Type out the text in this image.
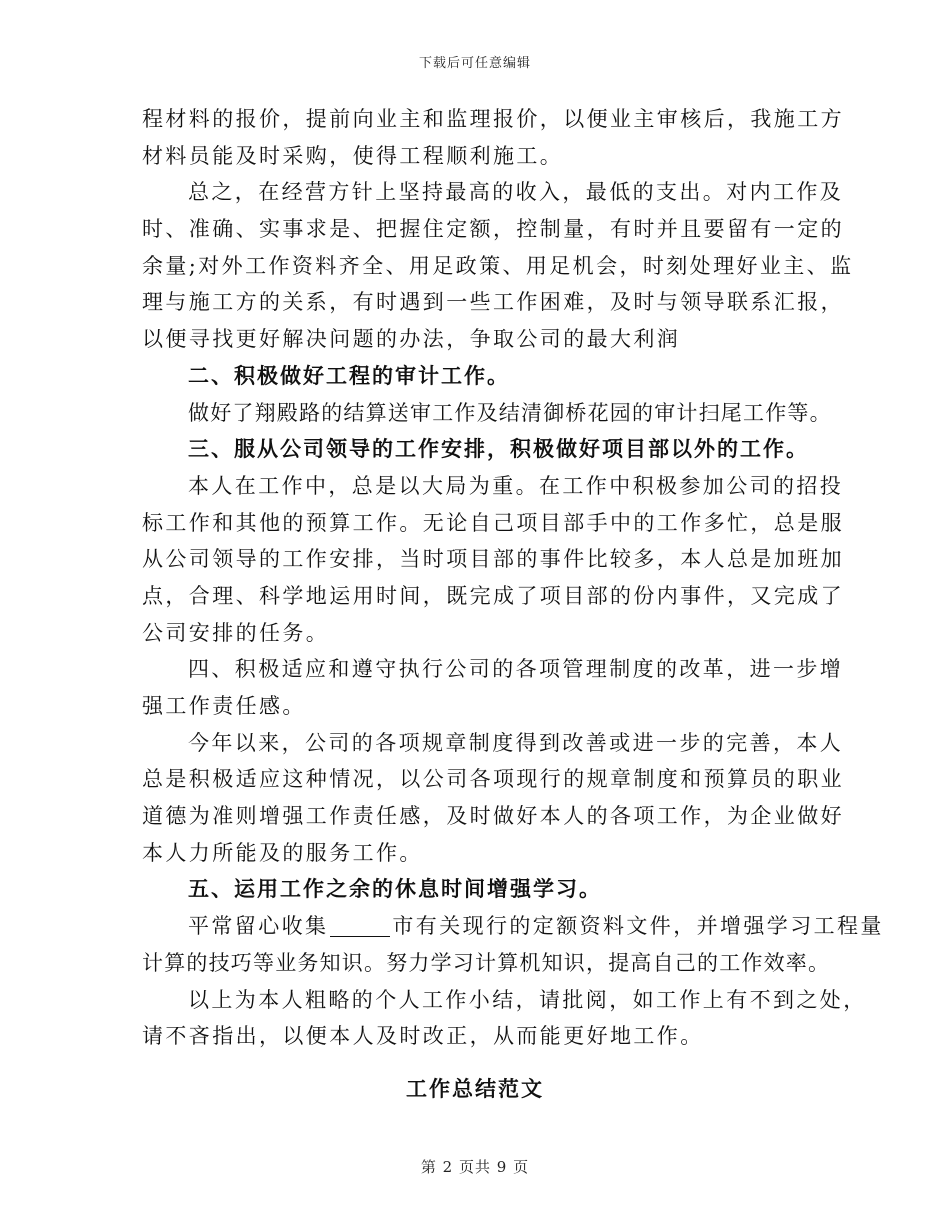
下载后可任意编辑
程材料的报价，提前向业主和监理报价，以便业主审核后，我施工方
材料员能及时采购，使得工程顺利施工。
总之，在经营方针上坚持最高的收入，最低的支出。对内工作及
时、准确、实事求是、把握住定额，控制量，有时并且要留有一定的
余量;对外工作资料齐全、用足政策、用足机会，时刻处理好业主、监
理与施工方的关系，有时遇到一些工作困难，及时与领导联系汇报，
以便寻找更好解决问题的办法，争取公司的最大利润
二、积极做好工程的审计工作。
做好了翔殿路的结算送审工作及结清御桥花园的审计扫尾工作等。
三、服从公司领导的工作安排，积极做好项目部以外的工作。
本人在工作中，总是以大局为重。在工作中积极参加公司的招投
标工作和其他的预算工作。无论自己项目部手中的工作多忙，总是服
从公司领导的工作安排，当时项目部的事件比较多，本人总是加班加
点，合理、科学地运用时间，既完成了项目部的份内事件，又完成了
公司安排的任务。
四、积极适应和遵守执行公司的各项管理制度的改革，进一步增
强工作责任感。
今年以来，公司的各项规章制度得到改善或进一步的完善，本人
总是积极适应这种情况，以公司各项现行的规章制度和预算员的职业
道德为准则增强工作责任感，及时做好本人的各项工作，为企业做好
本人力所能及的服务工作。
五、运用工作之余的休息时间增强学习。
平常留心收集	市有关现行的定额资料文件，并增强学习工程量
计算的技巧等业务知识。努力学习计算机知识，提高自己的工作效率。
以上为本人粗略的个人工作小结，请批阅，如工作上有不到之处，
请不吝指出，以便本人及时改正，从而能更好地工作。
工作总结范文
第 2 页共 9 页
